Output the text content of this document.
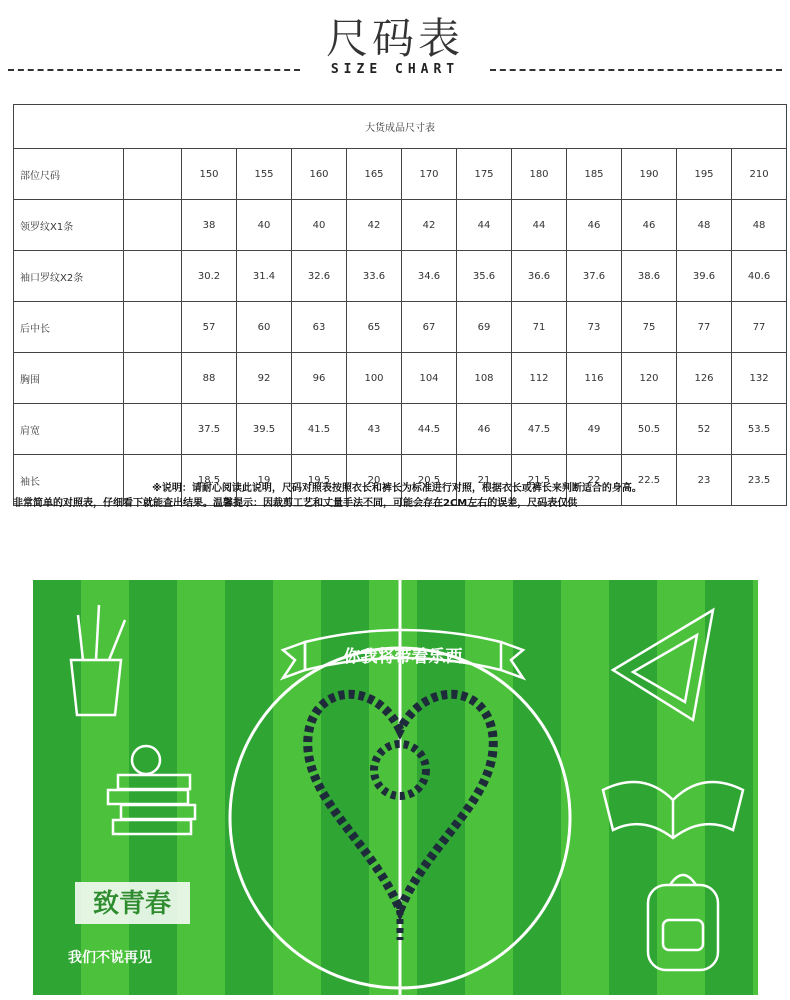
尺码表
SIZE CHART
大货成品尺寸表												
部位尺码		150	155	160	165	170	175	180	185	190	195	210
领罗纹X1条		38	40	40	42	42	44	44	46	46	48	48
袖口罗纹X2条		30.2	31.4	32.6	33.6	34.6	35.6	36.6	37.6	38.6	39.6	40.6
后中长		57	60	63	65	67	69	71	73	75	77	77
胸围		88	92	96	100	104	108	112	116	120	126	132
肩宽		37.5	39.5	41.5	43	44.5	46	47.5	49	50.5	52	53.5
袖长		18.5	19	19.5	20	20.5	21	21.5	22	22.5	23	23.5
※说明：请耐心阅读此说明，尺码对照表按照衣长和裤长为标准进行对照，根据衣长或裤长来判断适合的身高。
非常简单的对照表，仔细看下就能查出结果。温馨提示：因裁剪工艺和丈量手法不同，可能会存在2CM左右的误差，尺码表仅供
你我将带着乐西
致青春
我们不说再见
